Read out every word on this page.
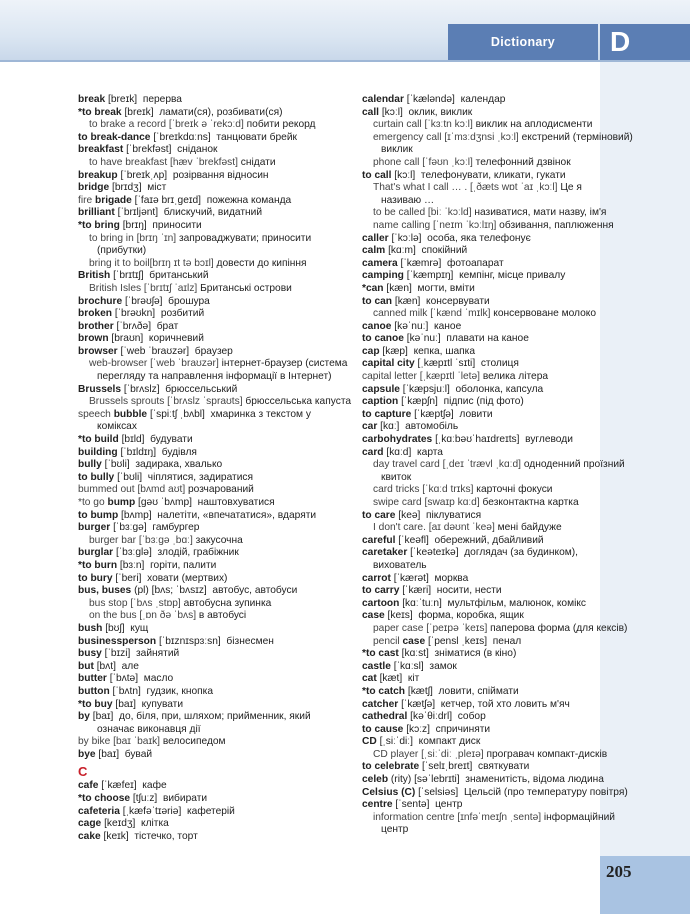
Dictionary D
205
break [breɪk] перерва
*to break [breɪk] ламати(ся), розбивати(ся)
to brake a record [ˈbreɪk ə ˈrekɔːd] побити рекорд
to break-dance [ˈbreɪkdɑːns] танцювати брейк
breakfast [ˈbrekfəst] сніданок
to have breakfast [hæv ˈbrekfəst] снідати
breakup [ˈbreɪkˌʌp] розірвання відносин
bridge [brɪdʒ] міст
fire brigade [ˈfaɪə brɪˌgeɪd] пожежна команда
brilliant [ˈbrɪljənt] блискучий, видатний
*to bring [brɪŋ] приносити
to bring in [brɪŋ ˈɪn] запроваджувати; приносити
(прибутки)
bring it to boil[brɪŋ ɪt tə bɔɪl] довести до кипіння
British [ˈbrɪtɪʃ] британський
British Isles [ˈbrɪtɪʃ ˈaɪlz] Британські острови
brochure [ˈbrəʊʃə] брошура
broken [ˈbrəʊkn] розбитий
brother [ˈbrʌðə] брат
brown [braʊn] коричневий
browser [ˈweb ˈbraʊzər] браузер
web-browser [ˈweb ˈbraʊzər] інтернет-браузер (система
перегляду та направлення інформації в Інтернет)
Brussels [ˈbrʌslz] брюссельський
Brussels sprouts [ˈbrʌslz ˈspraʊts] брюссельська капуста
speech bubble [ˈspiːtʃ ˌbʌbl] хмаринка з текстом у
коміксах
*to build [bɪld] будувати
building [ˈbɪldɪŋ] будівля
bully [ˈbʊli] задирака, хвалько
to bully [ˈbʊli] чіплятися, задиратися
bummed out [bʌmd aʊt] розчарований
*to go bump [gəʊ ˈbʌmp] наштовхуватися
to bump [bʌmp] налетіти, «впечататися», вдаряти
burger [ˈbɜːgə] гамбургер
burger bar [ˈbɜːgə ˌbɑː] закусочна
burglar [ˈbɜːglə] злодій, грабіжник
*to burn [bɜːn] горіти, палити
to bury [ˈberi] ховати (мертвих)
bus, buses (pl) [bʌs; ˈbʌsɪz] автобус, автобуси
bus stop [ˈbʌs ˌstɒp] автобусна зупинка
on the bus [ˌɒn ðə ˈbʌs] в автобусі
bush [bʊʃ] кущ
businessperson [ˈbɪznɪspɜːsn] бізнесмен
busy [ˈbɪzi] зайнятий
but [bʌt] але
butter [ˈbʌtə] масло
button [ˈbʌtn] гудзик, кнопка
*to buy [baɪ] купувати
by [baɪ] до, біля, при, шляхом; прийменник, який
означає виконавця дії
by bike [baɪ ˈbaɪk] велосипедом
bye [baɪ] бувай
C
cafe [ˈkæfeɪ] кафе
*to choose [tʃuːz] вибирати
cafeteria [ˌkæfəˈtɪəriə] кафетерій
cage [keɪdʒ] клітка
cake [keɪk] тістечко, торт
calendar [ˈkæləndə] календар
call [kɔːl] оклик, виклик
curtain call [ˈkɜːtn kɔːl] виклик на аплодисменти
emergency call [ɪˈmɜːdʒnsi ˌkɔːl] екстрений (терміновий)
виклик
phone call [ˈfəʊn ˌkɔːl] телефонний дзвінок
to call [kɔːl] телефонувати, кликати, гукати
That's what I call … . [ˌðæts wɒt ˈaɪ ˌkɔːl] Це я
називаю …
to be called [biː ˈkɔːld] називатися, мати назву, ім'я
name calling [ˈneɪm ˈkɔːlɪŋ] обзивання, паплюження
caller [ˈkɔːlə] особа, яка телефонує
calm [kɑːm] спокійний
camera [ˈkæmrə] фотоапарат
camping [ˈkæmpɪŋ] кемпінг, місце привалу
*can [kæn] могти, вміти
to can [kæn] консервувати
canned milk [ˈkænd ˈmɪlk] консервоване молоко
canoe [kəˈnuː] каное
to canoe [kəˈnuː] плавати на каное
cap [kæp] кепка, шапка
capital city [ˌkæpɪtl ˈsɪti] столиця
capital letter [ˌkæpɪtl ˈletə] велика літера
capsule [ˈkæpsjuːl] оболонка, капсула
caption [ˈkæpʃn] підпис (під фото)
to capture [ˈkæptʃə] ловити
car [kɑː] автомобіль
carbohydrates [ˌkɑːbəʊˈhaɪdreɪts] вуглеводи
card [kɑːd] карта
day travel card [ˌdeɪ ˈtrævl ˌkɑːd] одноденний проїзний
квиток
card tricks [ˈkɑːd trɪks] карточні фокуси
swipe card [swaɪp kɑːd] безконтактна картка
to care [keə] піклуватися
I don't care. [aɪ dəʊnt ˈkeə] мені байдуже
careful [ˈkeəfl] обережний, дбайливий
caretaker [ˈkeəteɪkə] доглядач (за будинком),
вихователь
carrot [ˈkærət] морква
to carry [ˈkæri] носити, нести
cartoon [kɑːˈtuːn] мультфільм, малюнок, комікс
case [keɪs] форма, коробка, ящик
paper case [ˈpeɪpə ˈkeɪs] паперова форма (для кексів)
pencil case [ˈpensl ˌkeɪs] пенал
*to cast [kɑːst] зніматися (в кіно)
castle [ˈkɑːsl] замок
cat [kæt] кіт
*to catch [kætʃ] ловити, спіймати
catcher [ˈkætʃə] кетчер, той хто ловить м'яч
cathedral [kəˈθiːdrl] собор
to cause [kɔːz] спричиняти
CD [ˌsiːˈdiː] компакт диск
CD player [ˌsiːˈdiː ˌpleɪə] програвач компакт-дисків
to celebrate [ˈselɪˌbreɪt] святкувати
celeb (rity) [səˈlebrɪti] знаменитість, відома людина
Celsius (C) [ˈselsiəs] Цельсій (про температуру повітря)
centre [ˈsentə] центр
information centre [ɪnfəˈmeɪʃn ˌsentə] інформаційний
центр
